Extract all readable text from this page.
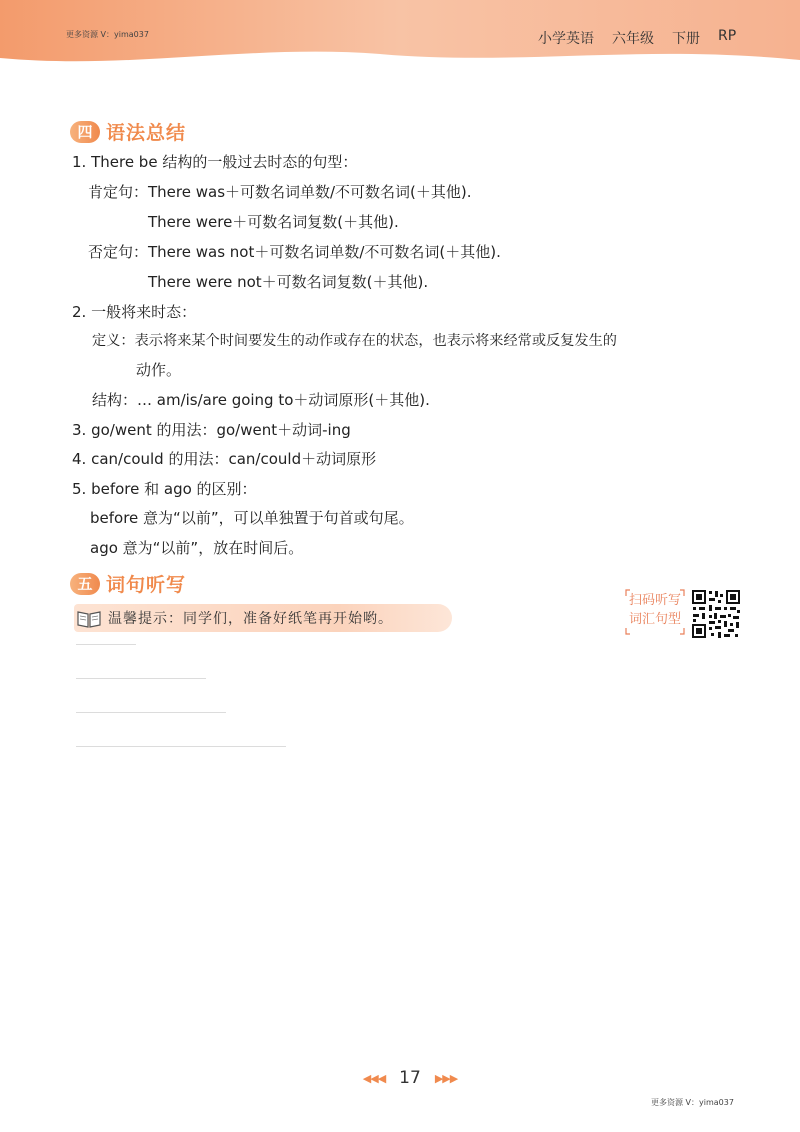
更多资源 V：yima037	小学英语 六年级 下册 RP
四 语法总结
1. There be 结构的一般过去时态的句型：
肯定句：There was＋可数名词单数/不可数名词(＋其他).
There were＋可数名词复数(＋其他).
否定句：There was not＋可数名词单数/不可数名词(＋其他).
There were not＋可数名词复数(＋其他).
2. 一般将来时态：
定义：表示将来某个时间要发生的动作或存在的状态，也表示将来经常或反复发生的
动作。
结构：… am/is/are going to＋动词原形(＋其他).
3. go/went 的用法：go/went＋动词-ing
4. can/could 的用法：can/could＋动词原形
5. before 和 ago 的区别：
before 意为“以前”，可以单独置于句首或句尾。
ago 意为“以前”，放在时间后。
五 词句听写
温馨提示：同学们，准备好纸笔再开始哟。
扫码听写
词汇句型
◀◀◀ 17 ▶▶▶
更多资源 V：yima037
